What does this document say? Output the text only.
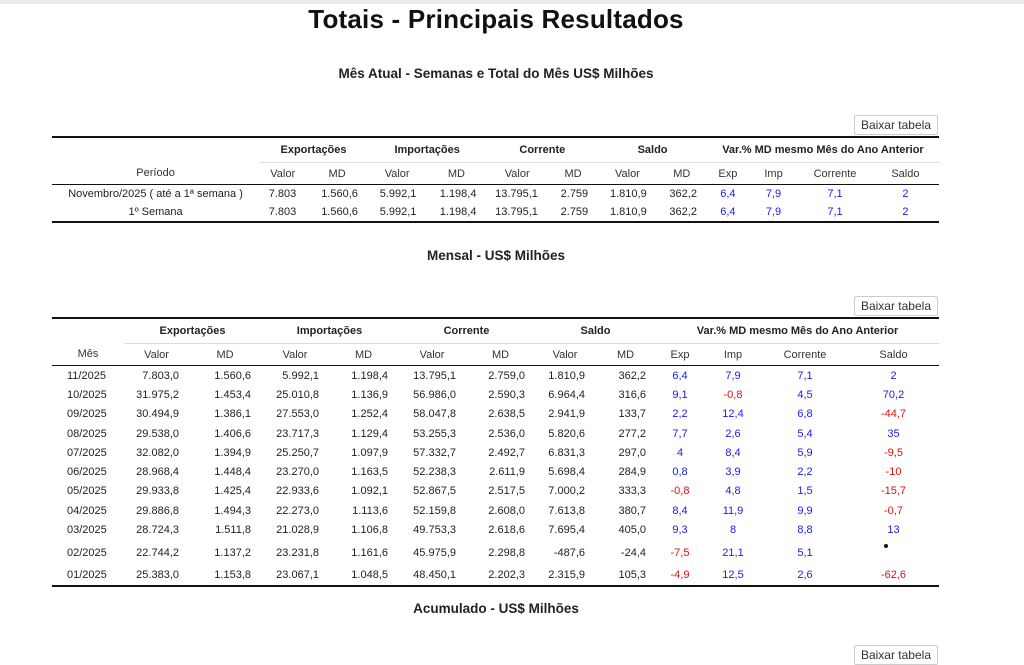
Totais - Principais Resultados
Mês Atual - Semanas e Total do Mês US$ Milhões
Baixar tabela
	Exportações		Importações		Corrente		Saldo		Var.% MD mesmo Mês do Ano Anterior			
Período	Valor	MD	Valor	MD	Valor	MD	Valor	MD	Exp	Imp	Corrente	Saldo
Novembro/2025 ( até a 1ª semana )	7.803	1.560,6	5.992,1	1.198,4	13.795,1	2.759	1.810,9	362,2	6,4	7,9	7,1	2
1º Semana	7.803	1.560,6	5.992,1	1.198,4	13.795,1	2.759	1.810,9	362,2	6,4	7,9	7,1	2
Mensal - US$ Milhões
Baixar tabela
	Exportações		Importações		Corrente		Saldo		Var.% MD mesmo Mês do Ano Anterior			
Mês	Valor	MD	Valor	MD	Valor	MD	Valor	MD	Exp	Imp	Corrente	Saldo
11/2025	7.803,0	1.560,6	5.992,1	1.198,4	13.795,1	2.759,0	1.810,9	362,2	6,4	7,9	7,1	2
10/2025	31.975,2	1.453,4	25.010,8	1.136,9	56.986,0	2.590,3	6.964,4	316,6	9,1	-0,8	4,5	70,2
09/2025	30.494,9	1.386,1	27.553,0	1.252,4	58.047,8	2.638,5	2.941,9	133,7	2,2	12,4	6,8	-44,7
08/2025	29.538,0	1.406,6	23.717,3	1.129,4	53.255,3	2.536,0	5.820,6	277,2	7,7	2,6	5,4	35
07/2025	32.082,0	1.394,9	25.250,7	1.097,9	57.332,7	2.492,7	6.831,3	297,0	4	8,4	5,9	-9,5
06/2025	28.968,4	1.448,4	23.270,0	1.163,5	52.238,3	2.611,9	5.698,4	284,9	0,8	3,9	2,2	-10
05/2025	29.933,8	1.425,4	22.933,6	1.092,1	52.867,5	2.517,5	7.000,2	333,3	-0,8	4,8	1,5	-15,7
04/2025	29.886,8	1.494,3	22.273,0	1.113,6	52.159,8	2.608,0	7.613,8	380,7	8,4	11,9	9,9	-0,7
03/2025	28.724,3	1.511,8	21.028,9	1.106,8	49.753,3	2.618,6	7.695,4	405,0	9,3	8	8,8	13
02/2025	22.744,2	1.137,2	23.231,8	1.161,6	45.975,9	2.298,8	-487,6	-24,4	-7,5	21,1	5,1	
01/2025	25.383,0	1.153,8	23.067,1	1.048,5	48.450,1	2.202,3	2.315,9	105,3	-4,9	12,5	2,6	-62,6
Acumulado - US$ Milhões
Baixar tabela
